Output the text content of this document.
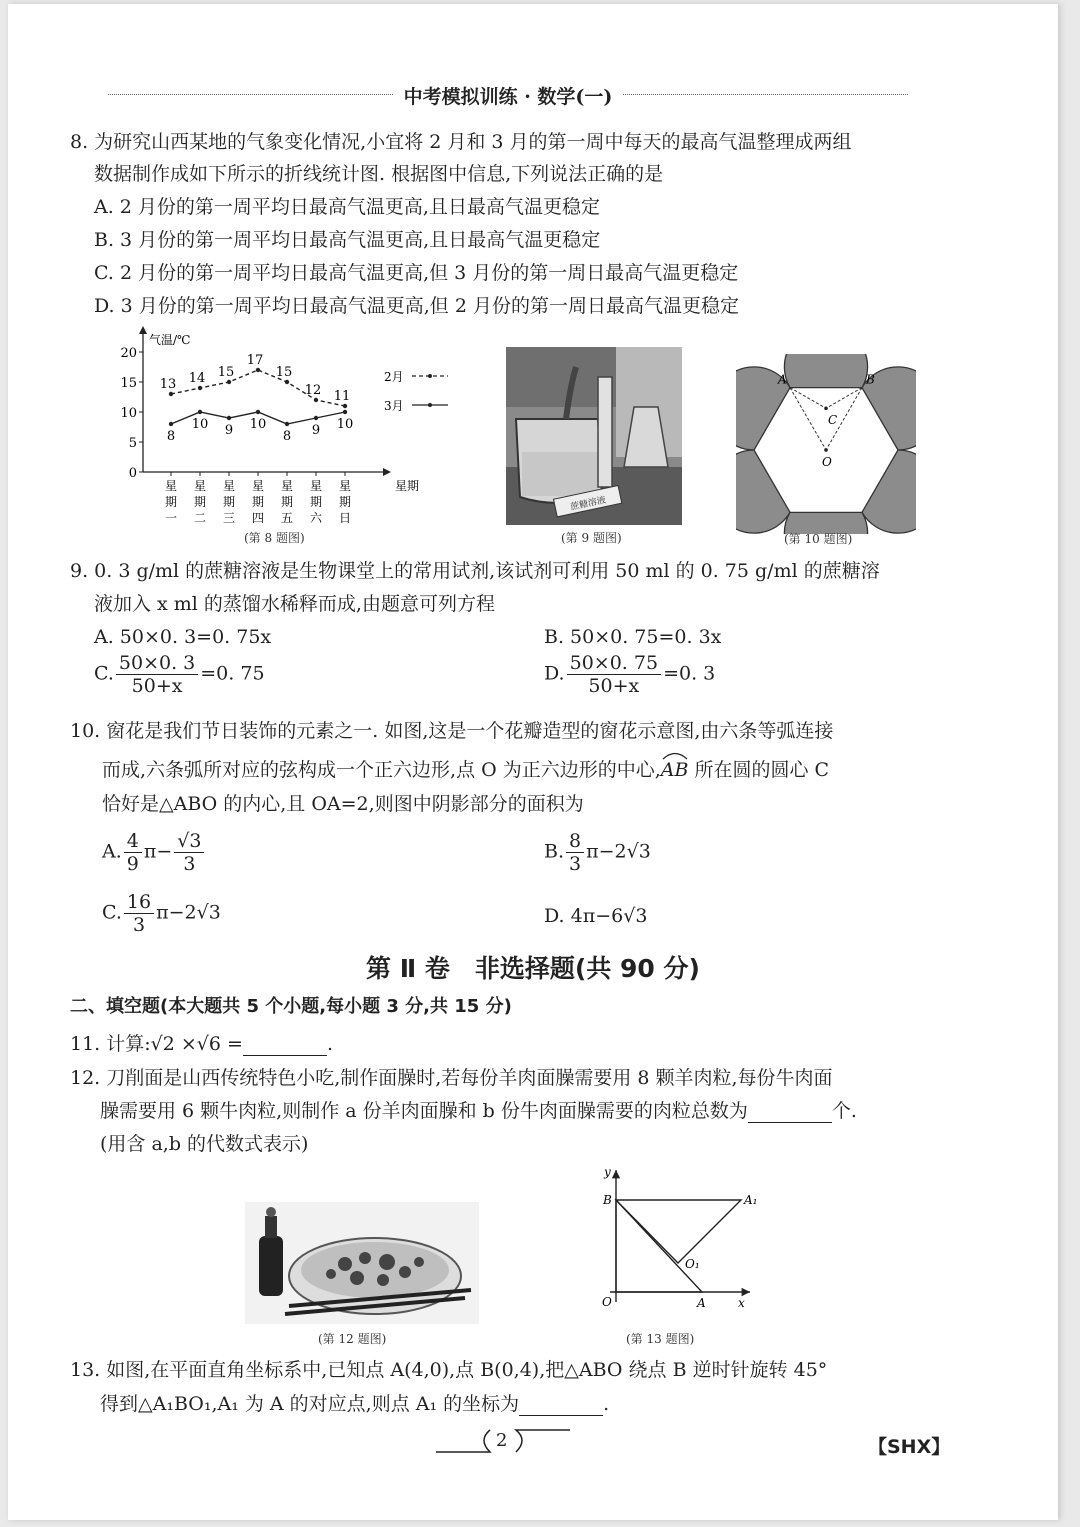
中考模拟训练 · 数学(一)
8. 为研究山西某地的气象变化情况,小宜将 2 月和 3 月的第一周中每天的最高气温整理成两组
数据制作成如下所示的折线统计图. 根据图中信息,下列说法正确的是
A. 2 月份的第一周平均日最高气温更高,且日最高气温更稳定
B. 3 月份的第一周平均日最高气温更高,且日最高气温更稳定
C. 2 月份的第一周平均日最高气温更高,但 3 月份的第一周日最高气温更稳定
D. 3 月份的第一周平均日最高气温更高,但 2 月份的第一周日最高气温更稳定
气温/℃
星期
0
5
10
15
20
星期一
星期二
星期三
星期四
星期五
星期六
星期日
13 14 15
17
15
12 11
2月
8
10 9 10
8 9 10
3月
(第 8 题图)
蔗糖溶液
(第 9 题图)
A	B
C
O
(第 10 题图)
9. 0. 3 g/ml 的蔗糖溶液是生物课堂上的常用试剂,该试剂可利用 50 ml 的 0. 75 g/ml 的蔗糖溶
液加入 x ml 的蒸馏水稀释而成,由题意可列方程
A. 50×0. 3=0. 75x	B. 50×0. 75=0. 3x
C. $\frac{50\times 0. 3}{50+x} =0$. 75	D. $\frac{50\times 0. 75}{50+x} =0$. 3
10. 窗花是我们节日装饰的元素之一. 如图,这是一个花瓣造型的窗花示意图,由六条等弧连接
而成,六条弧所对应的弦构成一个正六边形,点 O 为正六边形的中心,
AB 所在圆的圆心 C
恰好是△ABO 的内心,且 OA=2,则图中阴影部分的面积为
A. $\frac{4}{9} \pi- \frac{√3}{3}$	B. $\frac{8}{3} \pi-2√3$
C. $\frac{16}{3} \pi-2√3$	D. 4π−6√3
第 Ⅱ 卷　非选择题(共 90 分)
二、填空题(本大题共 5 个小题,每小题 3 分,共 15 分)
11. 计算:√2 ×√6 =	.
12. 刀削面是山西传统特色小吃,制作面臊时,若每份羊肉面臊需要用 8 颗羊肉粒,每份牛肉面
臊需要用 6 颗牛肉粒,则制作 a 份羊肉面臊和 b 份牛肉面臊需要的肉粒总数为	个.
(用含 a,b 的代数式表示)
(第 12 题图)
y
x
O	A
B	A₁
O₁
(第 13 题图)
13. 如图,在平面直角坐标系中,已知点 A(4,0),点 B(0,4),把△ABO 绕点 B 逆时针旋转 45°
得到△A₁BO₁,A₁ 为 A 的对应点,则点 A₁ 的坐标为	.
2	【SHX】
